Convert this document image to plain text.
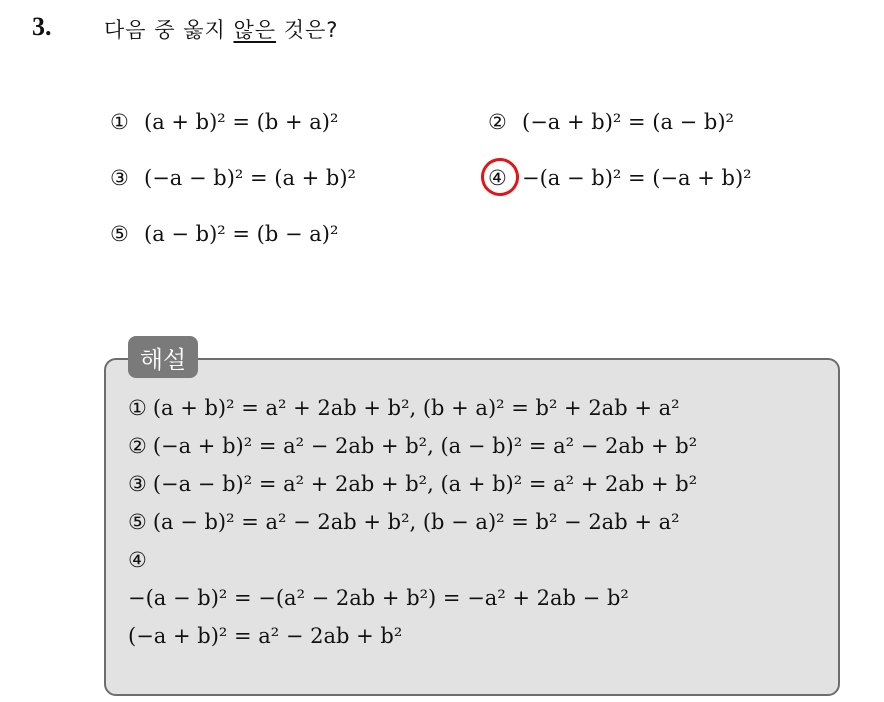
3.	다음 중 옳지 않은 것은?
① (a + b)² = (b + a)²	② (−a + b)² = (a − b)²
③ (−a − b)² = (a + b)²	④ −(a − b)² = (−a + b)²
⑤ (a − b)² = (b − a)²
해설
① (a + b)² = a² + 2ab + b², (b + a)² = b² + 2ab + a²
② (−a + b)² = a² − 2ab + b², (a − b)² = a² − 2ab + b²
③ (−a − b)² = a² + 2ab + b², (a + b)² = a² + 2ab + b²
⑤ (a − b)² = a² − 2ab + b², (b − a)² = b² − 2ab + a²
④
−(a − b)² = −(a² − 2ab + b²) = −a² + 2ab − b²
(−a + b)² = a² − 2ab + b²
